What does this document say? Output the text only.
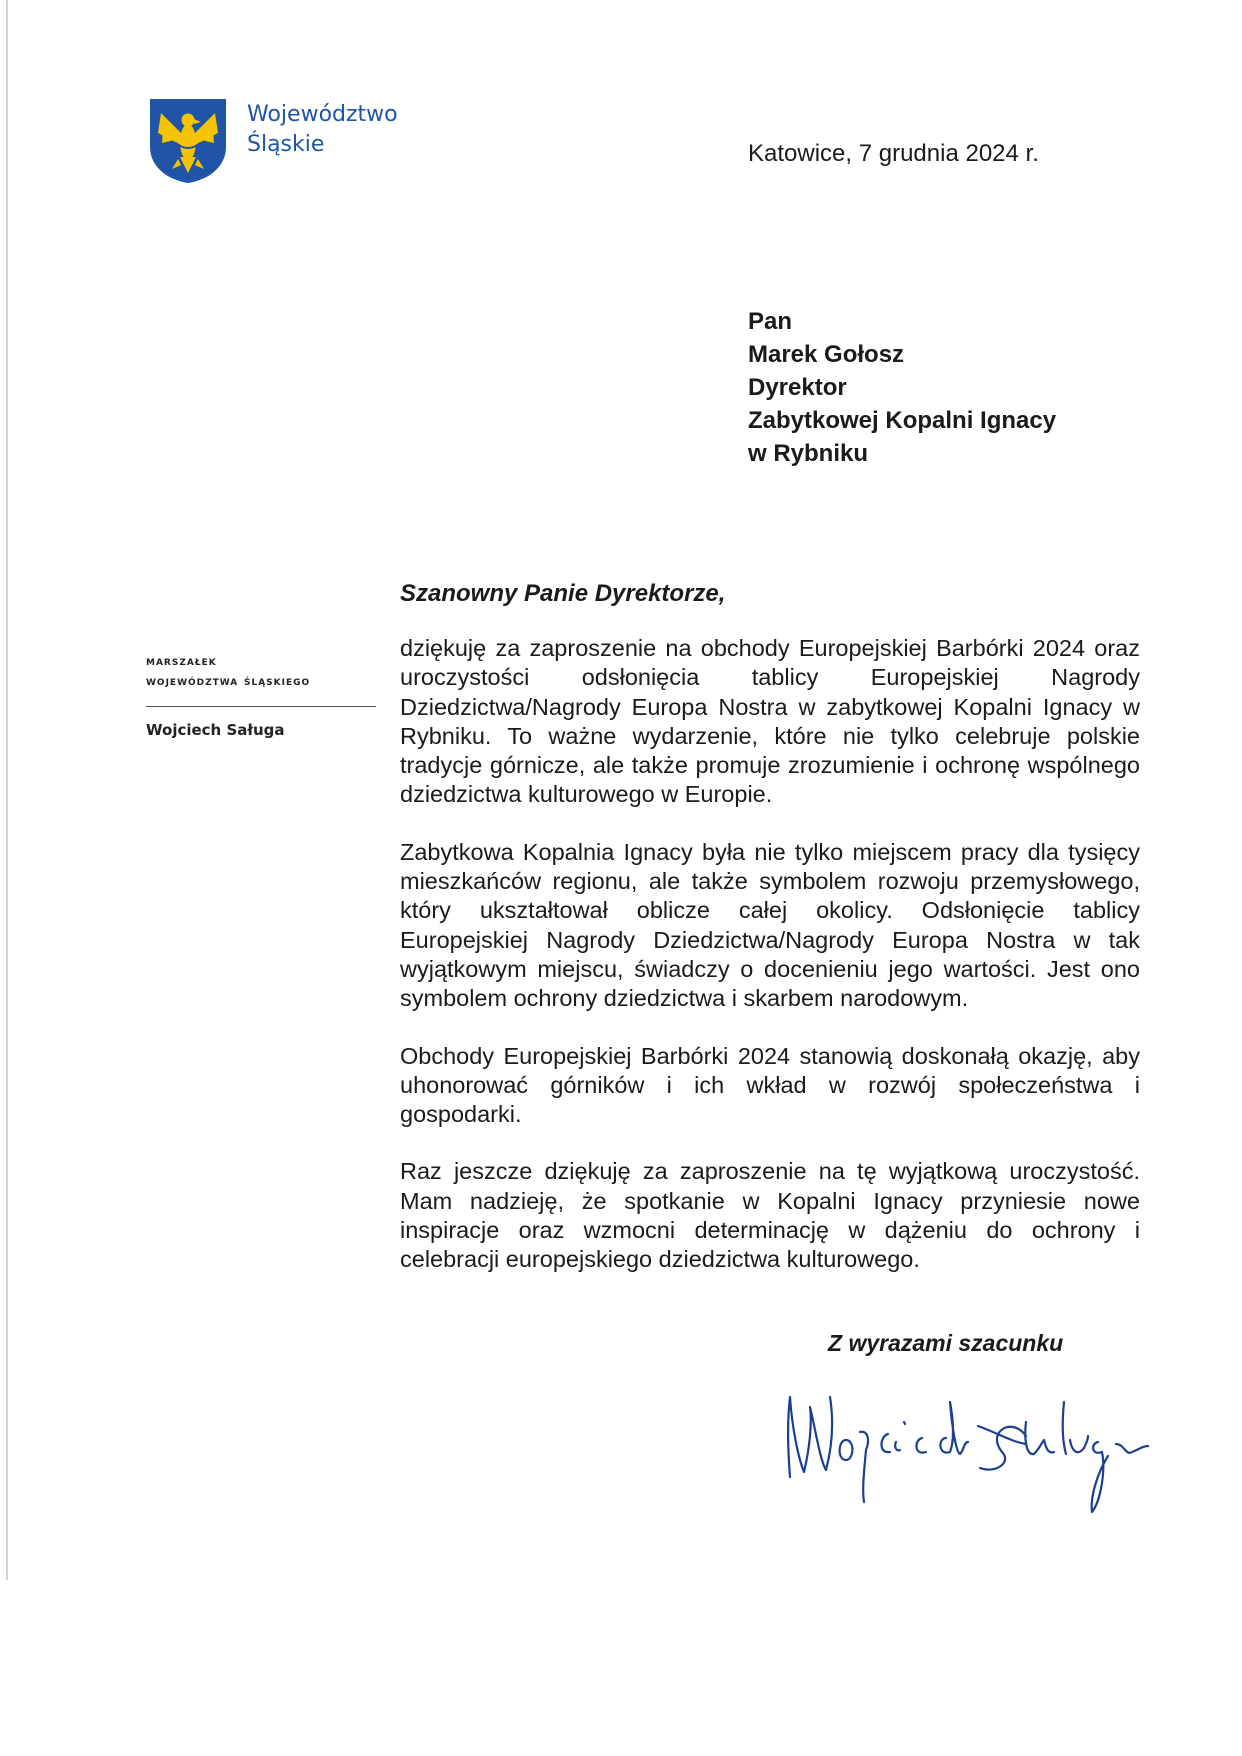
Województwo
Śląskie	Katowice, 7 grudnia 2024 r.
Pan
Marek Gołosz
Dyrektor
Zabytkowej Kopalni Ignacy
w Rybniku
marszałek
województwa śląskiego
Wojciech Saługa
Szanowny Panie Dyrektorze,

dziękuję za zaproszenie na obchody Europejskiej Barbórki 2024 oraz uroczystości odsłonięcia tablicy Europejskiej Nagrody Dziedzictwa/Nagrody Europa Nostra w zabytkowej Kopalni Ignacy w Rybniku. To ważne wydarzenie, które nie tylko celebruje polskie tradycje górnicze, ale także promuje zrozumienie i ochronę wspólnego dziedzictwa kulturowego w Europie.

Zabytkowa Kopalnia Ignacy była nie tylko miejscem pracy dla tysięcy mieszkańców regionu, ale także symbolem rozwoju przemysłowego, który ukształtował oblicze całej okolicy. Odsłonięcie tablicy Europejskiej Nagrody Dziedzictwa/Nagrody Europa Nostra w tak wyjątkowym miejscu, świadczy o docenieniu jego wartości. Jest ono symbolem ochrony dziedzictwa i skarbem narodowym.

Obchody Europejskiej Barbórki 2024 stanowią doskonałą okazję, aby uhonorować górników i ich wkład w rozwój społeczeństwa i gospodarki.

Raz jeszcze dziękuję za zaproszenie na tę wyjątkową uroczystość. Mam nadzieję, że spotkanie w Kopalni Ignacy przyniesie nowe inspiracje oraz wzmocni determinację w dążeniu do ochrony i celebracji europejskiego dziedzictwa kulturowego.

Z wyrazami szacunku
